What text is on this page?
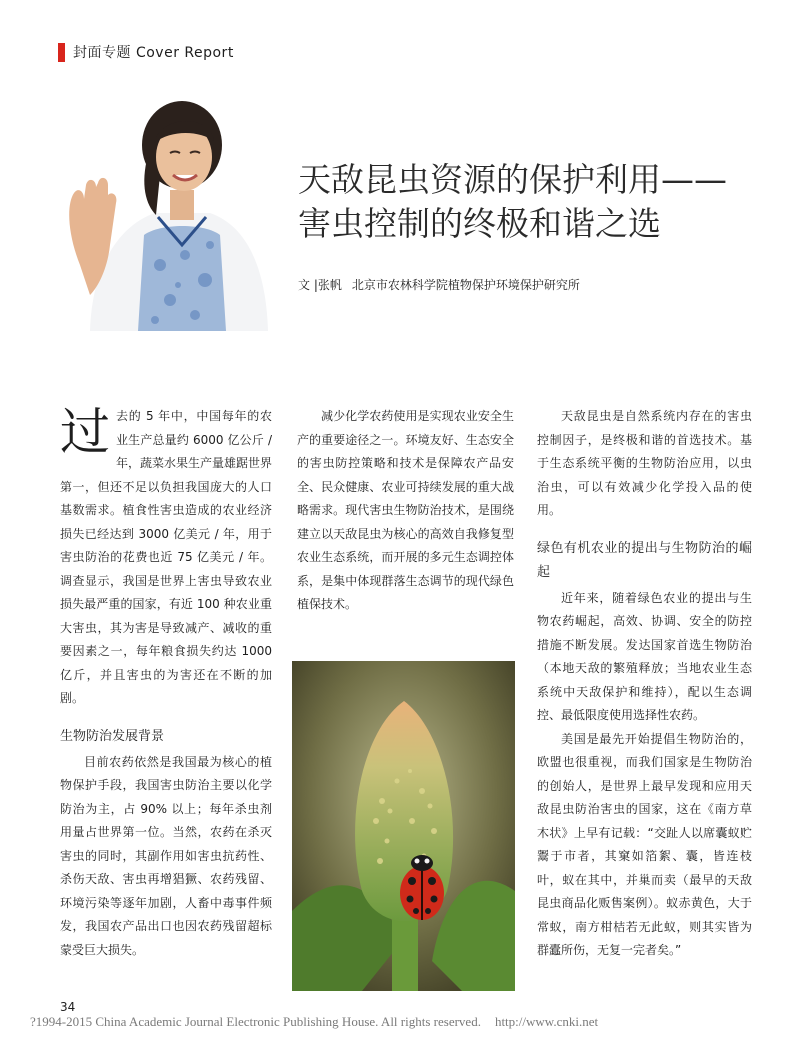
封面专题 Cover Report
天敌昆虫资源的保护利用——
害虫控制的终极和谐之选
文 |张帆 北京市农林科学院植物保护环境保护研究所

过去的 5 年中，中国每年的农业生产总量约 6000 亿公斤 / 年，蔬菜水果生产量雄踞世界第一，但还不足以负担我国庞大的人口基数需求。植食性害虫造成的农业经济损失已经达到 3000 亿美元 / 年，用于害虫防治的花费也近 75 亿美元 / 年。调查显示，我国是世界上害虫导致农业损失最严重的国家，有近 100 种农业重大害虫，其为害是导致减产、减收的重要因素之一，每年粮食损失约达 1000 亿斤，并且害虫的为害还在不断的加剧。

生物防治发展背景

目前农药依然是我国最为核心的植物保护手段，我国害虫防治主要以化学防治为主，占 90% 以上；每年杀虫剂用量占世界第一位。当然，农药在杀灭害虫的同时，其副作用如害虫抗药性、杀伤天敌、害虫再增猖獗、农药残留、环境污染等逐年加剧，人畜中毒事件频发，我国农产品出口也因农药残留超标蒙受巨大损失。

减少化学农药使用是实现农业安全生产的重要途径之一。环境友好、生态安全的害虫防控策略和技术是保障农产品安全、民众健康、农业可持续发展的重大战略需求。现代害虫生物防治技术，是围绕建立以天敌昆虫为核心的高效自我修复型农业生态系统，而开展的多元生态调控体系，是集中体现群落生态调节的现代绿色植保技术。

天敌昆虫是自然系统内存在的害虫控制因子，是终极和谐的首选技术。基于生态系统平衡的生物防治应用，以虫治虫，可以有效减少化学投入品的使用。

绿色有机农业的提出与生物防治的崛起

近年来，随着绿色农业的提出与生物农药崛起，高效、协调、安全的防控措施不断发展。发达国家首选生物防治（本地天敌的繁殖释放；当地农业生态系统中天敌保护和维持），配以生态调控、最低限度使用选择性农药。

美国是最先开始提倡生物防治的，欧盟也很重视，而我们国家是生物防治的创始人，是世界上最早发现和应用天敌昆虫防治害虫的国家，这在《南方草木状》上早有记载：“交趾人以席囊蚁贮鬻于市者，其窠如箔絮、囊，皆连枝叶，蚁在其中，并巢而卖（最早的天敌昆虫商品化贩售案例）。蚁赤黄色，大于常蚁，南方柑桔若无此蚁，则其实皆为群蠹所伤，无复一完者矣。”

34
?1994-2015 China Academic Journal Electronic Publishing House. All rights reserved. http://www.cnki.net
